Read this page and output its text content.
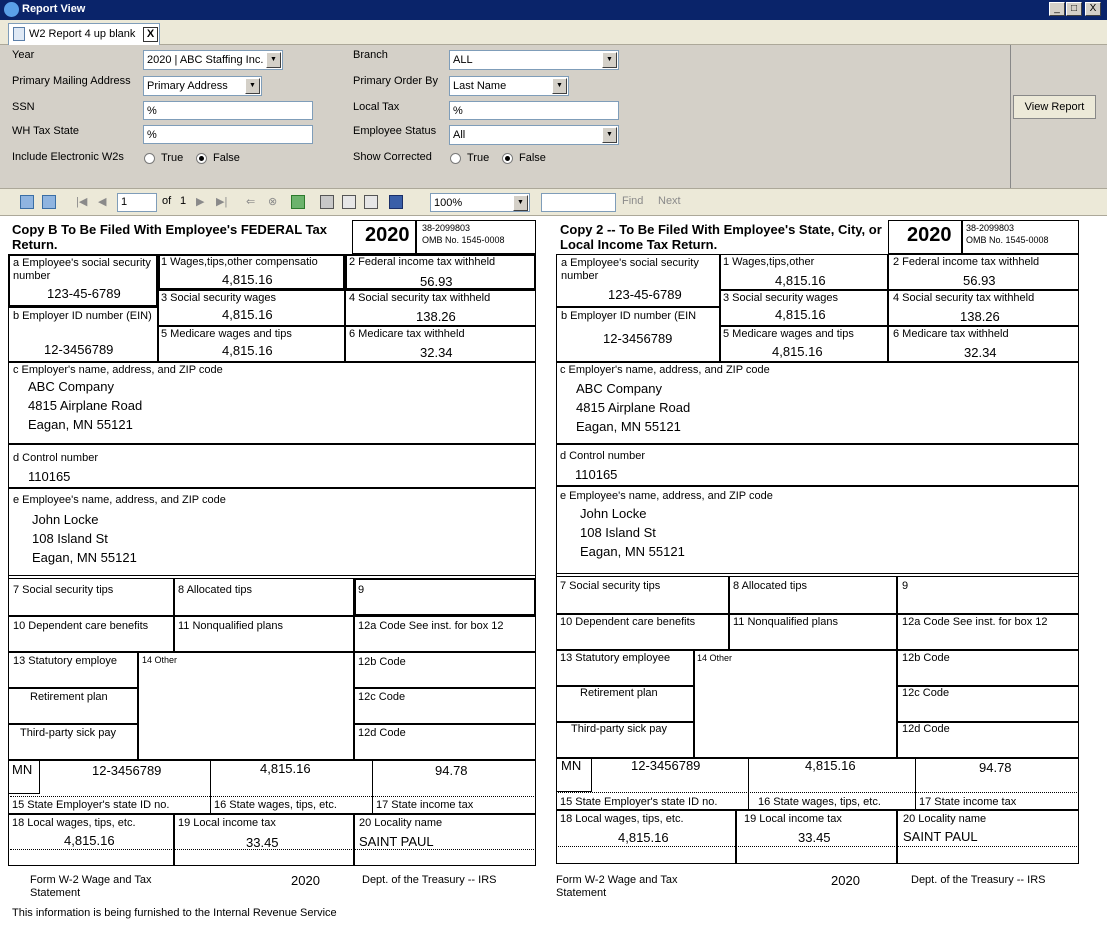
Report View	_	□	X
W2 Report 4 up blank	X
Year	2020 | ABC Staffing Inc. ▼
Primary Mailing Address	Primary Address	▼
SSN	%
WH Tax State	%
Include Electronic W2s	True	False
Branch	ALL	▼
Primary Order By	Last Name	▼
Local Tax	%
Employee Status	All	▼
Show Corrected	True	False
View Report
|◀ ◀	1	of 1 ▶ ▶| ⇐ ⊗	100%	▼	Find Next
Copy B To Be Filed With Employee's FEDERAL Tax Return.	2020 38-2099803
OMB No. 1545-0008
a Employee's social security number
123-45-6789
b Employer ID number (EIN)
12-3456789
1 Wages,tips,other compensatio
4,815.16
2 Federal income tax withheld
56.93
3 Social security wages
4,815.16
4 Social security tax withheld
138.26
5 Medicare wages and tips
4,815.16
6 Medicare tax withheld
32.34
c Employer's name, address, and ZIP code
ABC Company
4815 Airplane Road
Eagan, MN 55121
d Control number
110165
e Employee's name, address, and ZIP code
John Locke
108 Island St
Eagan, MN 55121
7 Social security tips	8 Allocated tips	9
10 Dependent care benefits	11 Nonqualified plans	12a Code See inst. for box 12
13 Statutory employe
Retirement plan
Third-party sick pay
14 Other	12b Code
12c Code
12d Code
MN	12-3456789	4,815.16	94.78
15 State Employer's state ID no.	16 State wages, tips, etc.	17 State income tax
18 Local wages, tips, etc.
4,815.16
19 Local income tax
33.45
20 Locality name
SAINT PAUL
Form W-2 Wage and Tax Statement
2020	Dept. of the Treasury -- IRS
This information is being furnished to the Internal Revenue Service
Copy 2 -- To Be Filed With Employee's State, City, or Local Income Tax Return.	2020 38-2099803
OMB No. 1545-0008
a Employee's social security number
123-45-6789
b Employer ID number (EIN
12-3456789
1 Wages,tips,other
4,815.16
2 Federal income tax withheld
56.93
3 Social security wages
4,815.16
4 Social security tax withheld
138.26
5 Medicare wages and tips
4,815.16
6 Medicare tax withheld
32.34
c Employer's name, address, and ZIP code
ABC Company
4815 Airplane Road
Eagan, MN 55121
d Control number
110165
e Employee's name, address, and ZIP code
John Locke
108 Island St
Eagan, MN 55121
7 Social security tips	8 Allocated tips	9
10 Dependent care benefits	11 Nonqualified plans	12a Code See inst. for box 12
13 Statutory employee
Retirement plan
Third-party sick pay
14 Other	12b Code
12c Code
12d Code
MN	12-3456789	4,815.16	94.78
15 State Employer's state ID no.	16 State wages, tips, etc.	17 State income tax
18 Local wages, tips, etc.
4,815.16
19 Local income tax
33.45
20 Locality name
SAINT PAUL
Form W-2 Wage and Tax Statement
2020	Dept. of the Treasury -- IRS
